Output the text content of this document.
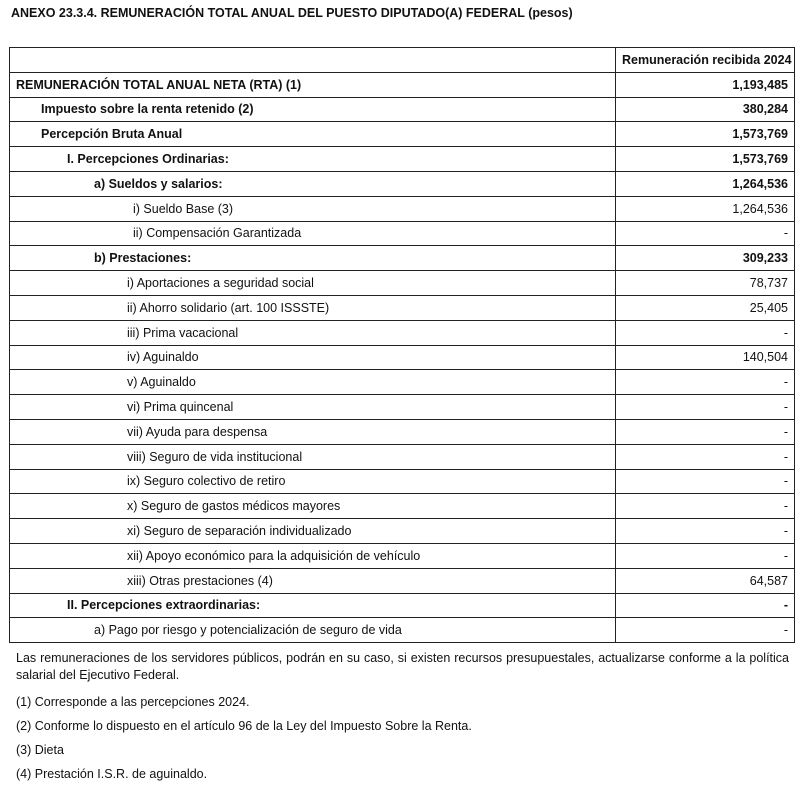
ANEXO 23.3.4. REMUNERACIÓN TOTAL ANUAL DEL PUESTO DIPUTADO(A) FEDERAL (pesos)
	Remuneración recibida 2024
REMUNERACIÓN TOTAL ANUAL NETA (RTA) (1)	1,193,485
Impuesto sobre la renta retenido (2)	380,284
Percepción Bruta Anual	1,573,769
I. Percepciones Ordinarias:	1,573,769
a) Sueldos y salarios:	1,264,536
i) Sueldo Base (3)	1,264,536
ii) Compensación Garantizada	-
b) Prestaciones:	309,233
i) Aportaciones a seguridad social	78,737
ii) Ahorro solidario (art. 100 ISSSTE)	25,405
iii) Prima vacacional	-
iv) Aguinaldo	140,504
v) Aguinaldo	-
vi) Prima quincenal	-
vii) Ayuda para despensa	-
viii) Seguro de vida institucional	-
ix) Seguro colectivo de retiro	-
x) Seguro de gastos médicos mayores	-
xi) Seguro de separación individualizado	-
xii) Apoyo económico para la adquisición de vehículo	-
xiii) Otras prestaciones (4)	64,587
II. Percepciones extraordinarias:	-
a) Pago por riesgo y potencialización de seguro de vida	-

Las remuneraciones de los servidores públicos, podrán en su caso, si existen recursos presupuestales, actualizarse conforme a la política salarial del Ejecutivo Federal.

(1) Corresponde a las percepciones 2024.

(2) Conforme lo dispuesto en el artículo 96 de la Ley del Impuesto Sobre la Renta.

(3) Dieta

(4) Prestación I.S.R. de aguinaldo.
